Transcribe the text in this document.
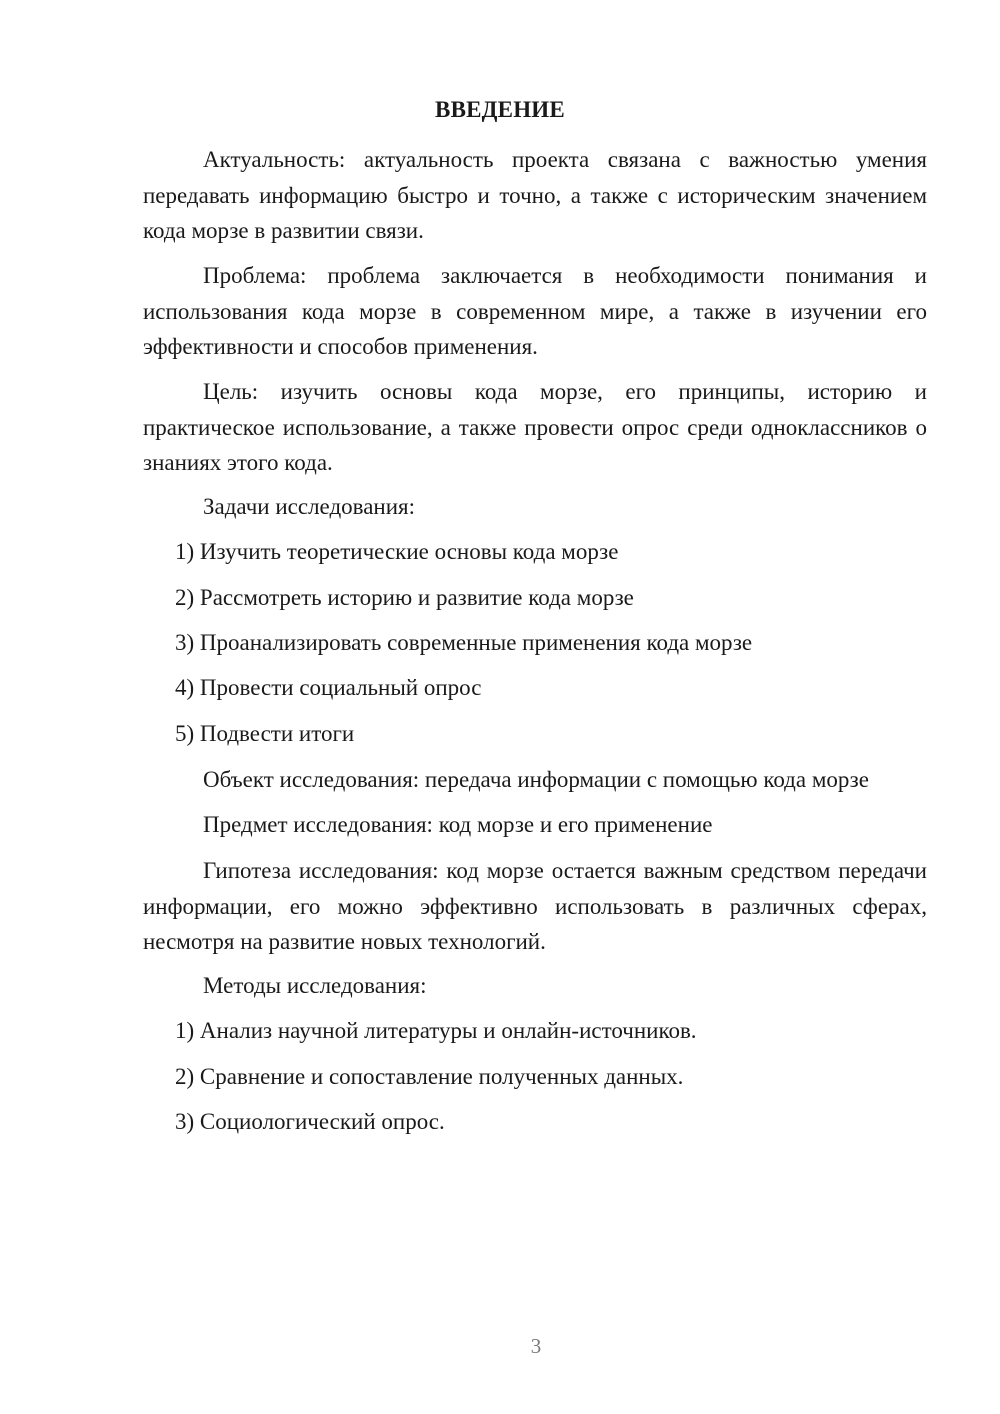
ВВЕДЕНИЕ

Актуальность: актуальность проекта связана с важностью умения передавать информацию быстро и точно, а также с историческим значением кода морзе в развитии связи.

Проблема: проблема заключается в необходимости понимания и использования кода морзе в современном мире, а также в изучении его эффективности и способов применения.

Цель: изучить основы кода морзе, его принципы, историю и практическое использование, а также провести опрос среди одноклассников о знаниях этого кода.

Задачи исследования:

1) Изучить теоретические основы кода морзе

2) Рассмотреть историю и развитие кода морзе

3) Проанализировать современные применения кода морзе

4) Провести социальный опрос

5) Подвести итоги

Объект исследования: передача информации с помощью кода морзе

Предмет исследования: код морзе и его применение

Гипотеза исследования: код морзе остается важным средством передачи информации, его можно эффективно использовать в различных сферах, несмотря на развитие новых технологий.

Методы исследования:

1) Анализ научной литературы и онлайн-источников.

2) Сравнение и сопоставление полученных данных.

3) Социологический опрос.

3
